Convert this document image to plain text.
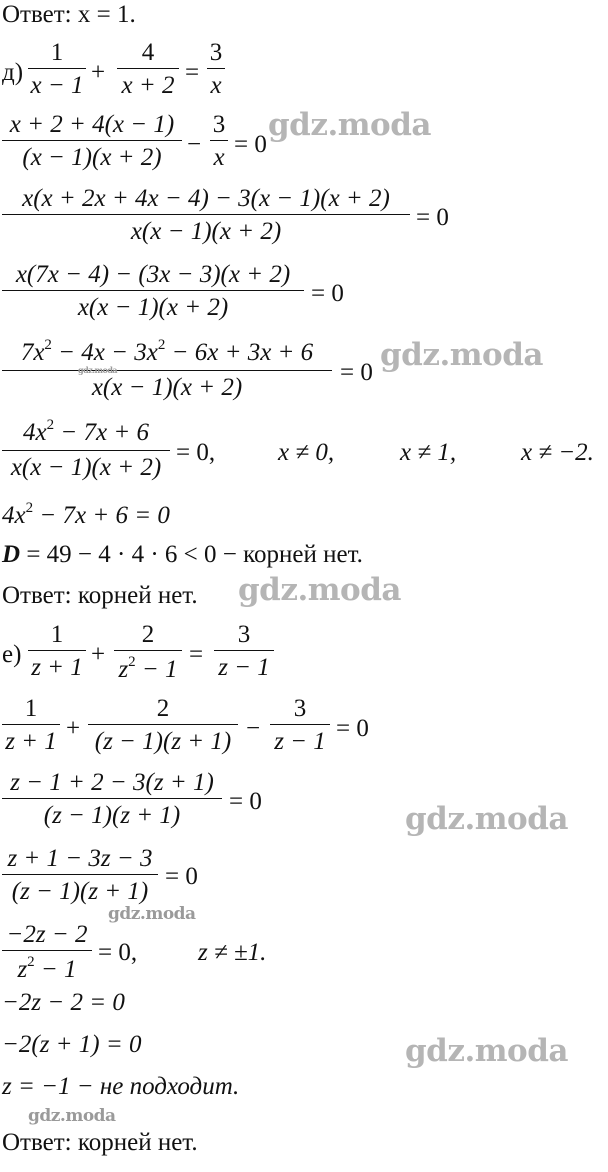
Ответ: x = 1.
д)
1
x − 1 +
4
x + 2 =
3
x
x + 2 + 4(x − 1)
(x − 1)(x + 2)	−
3
x = 0
x(x + 2x + 4x − 4) − 3(x − 1)(x + 2)
x(x − 1)(x + 2)
= 0
x(7x − 4) − (3x − 3)(x + 2)
x(x − 1)(x + 2)
= 0
$7x^2 - 4x - 3x^2 - 6x + 3x + 6$
x(x − 1)(x + 2)
= 0
$4x^2 - 7x + 6$
x(x − 1)(x + 2)
= 0,	x ≠ 0,	x ≠ 1,	x ≠ −2.
$4x^2 - 7x + 6 = 0$
D = 49 − 4 · 4 · 6 < 0 − корней нет.
Ответ: корней нет.
е)
1
z + 1 +
2
$z^2 - 1$
=
3
z − 1
1
z + 1 +
2
(z − 1)(z + 1) −
3
z − 1 = 0
z − 1 + 2 − 3(z + 1)
(z − 1)(z + 1)
= 0
z + 1 − 3z − 3
(z − 1)(z + 1)
= 0
−2z − 2
$z^2 - 1$
= 0, z ≠ ±1.
−2z − 2 = 0
−2(z + 1) = 0
z = −1 − не подходит.
Ответ: корней нет.
gdz.moda
gdz.moda
gdz.moda
gdz.moda
gdz.moda
gdz.moda
gdz.moda
gdz.moda
